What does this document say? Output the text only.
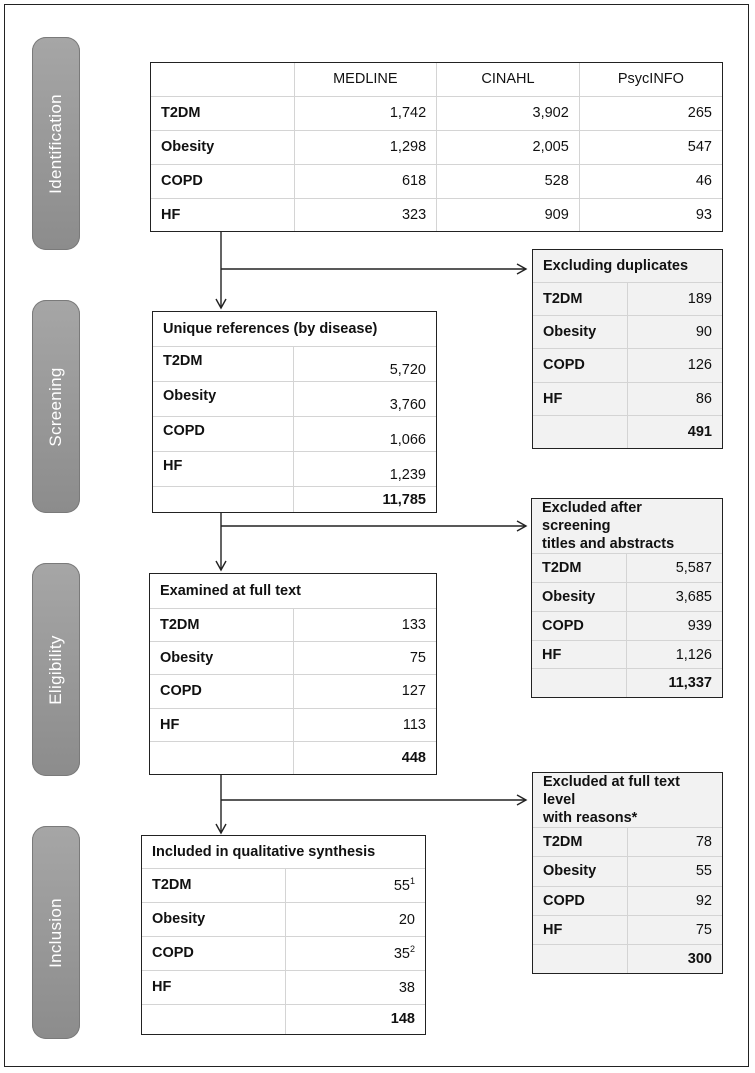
Identification
Screening
Eligibility
Inclusion
	MEDLINE	CINAHL	PsycINFO
T2DM	1,742	3,902	265
Obesity	1,298	2,005	547
COPD	618	528	46
HF	323	909	93
Unique references (by disease)	
T2DM	5,720
Obesity	3,760
COPD	1,066
HF	1,239
	11,785
Excluding duplicates	
T2DM	189
Obesity	90
COPD	126
HF	86
	491
Excluded after screening
titles and abstracts	

T2DM	5,587
Obesity	3,685
COPD	939
HF	1,126
	11,337
Examined at full text	
T2DM	133
Obesity	75
COPD	127
HF	113
	448
Excluded at full text level
with reasons*	

T2DM	78
Obesity	55
COPD	92
HF	75
	300
Included in qualitative synthesis	
T2DM	$55^1$
Obesity	20
COPD	$35^2$
HF	38
	148
